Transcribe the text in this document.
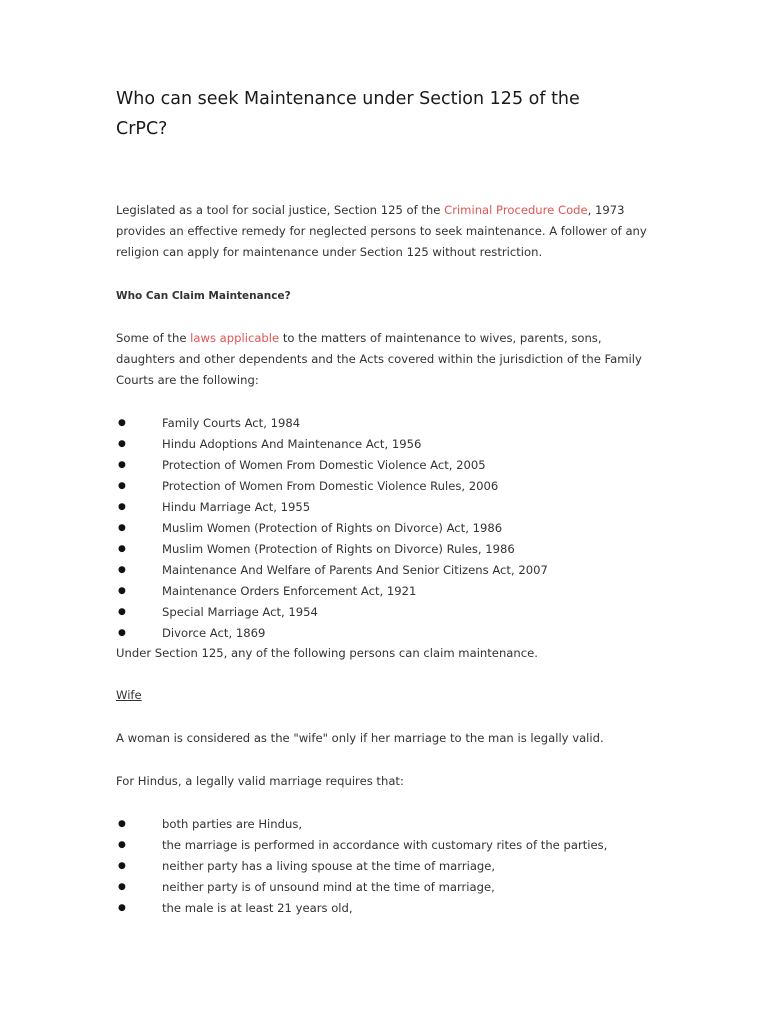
Who can seek Maintenance under Section 125 of the CrPC?

Legislated as a tool for social justice, Section 125 of the Criminal Procedure Code, 1973 provides an effective remedy for neglected persons to seek maintenance. A follower of any religion can apply for maintenance under Section 125 without restriction.

Who Can Claim Maintenance?

Some of the laws applicable to the matters of maintenance to wives, parents, sons, daughters and other dependents and the Acts covered within the jurisdiction of the Family Courts are the following:

●	Family Courts Act, 1984
●	Hindu Adoptions And Maintenance Act, 1956
●	Protection of Women From Domestic Violence Act, 2005
●	Protection of Women From Domestic Violence Rules, 2006
●	Hindu Marriage Act, 1955
●	Muslim Women (Protection of Rights on Divorce) Act, 1986
●	Muslim Women (Protection of Rights on Divorce) Rules, 1986
●	Maintenance And Welfare of Parents And Senior Citizens Act, 2007
●	Maintenance Orders Enforcement Act, 1921
●	Special Marriage Act, 1954
●	Divorce Act, 1869

Under Section 125, any of the following persons can claim maintenance.

Wife

A woman is considered as the "wife" only if her marriage to the man is legally valid.

For Hindus, a legally valid marriage requires that:

●	both parties are Hindus,
●	the marriage is performed in accordance with customary rites of the parties,
●	neither party has a living spouse at the time of marriage,
●	neither party is of unsound mind at the time of marriage,
●	the male is at least 21 years old,
